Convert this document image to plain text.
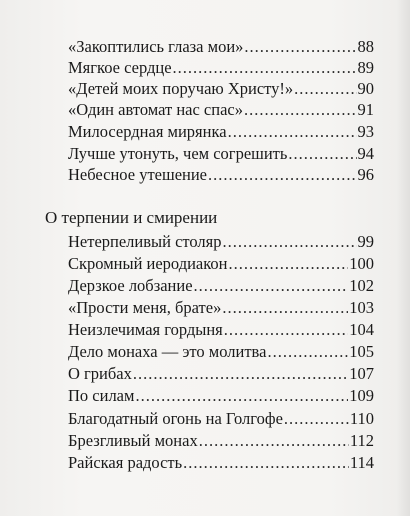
«Закоптились глаза мои» .....	88
Мягкое сердце .....	89
«Детей моих поручаю Христу!» .....	90
«Один автомат нас спас» .....	91
Милосердная мирянка .....	93
Лучше утонуть, чем согрешить .....	94
Небесное утешение .....	96
О терпении и смирении
Нетерпеливый столяр .....	99
Скромный иеродиакон .....	100
Дерзкое лобзание .....	102
«Прости меня, брате» .....	103
Неизлечимая гордыня .....	104
Дело монаха — это молитва .....	105
О грибах .....	107
По силам .....	109
Благодатный огонь на Голгофе .....	110
Брезгливый монах .....	112
Райская радость .....	114
